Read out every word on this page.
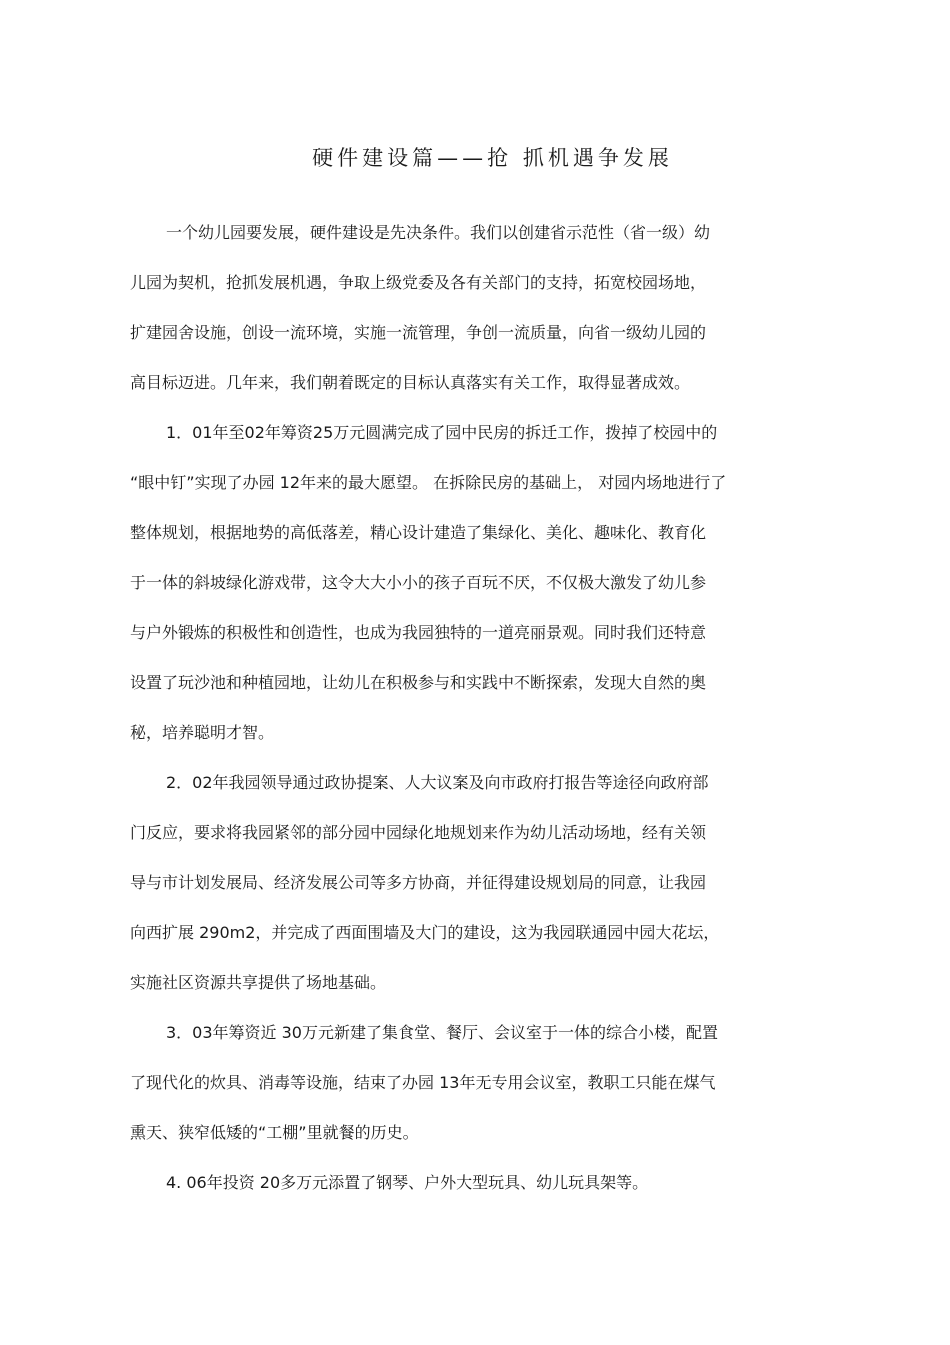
硬件建设篇——抢 抓机遇争发展
一个幼儿园要发展，硬件建设是先决条件。我们以创建省示范性（省一级）幼
儿园为契机，抢抓发展机遇，争取上级党委及各有关部门的支持，拓宽校园场地，
扩建园舍设施，创设一流环境，实施一流管理，争创一流质量，向省一级幼儿园的
高目标迈进。几年来，我们朝着既定的目标认真落实有关工作，取得显著成效。
1．01年至02年筹资25万元圆满完成了园中民房的拆迁工作，拨掉了校园中的
“眼中钉”实现了办园 12年来的最大愿望。 在拆除民房的基础上， 对园内场地进行了
整体规划，根据地势的高低落差，精心设计建造了集绿化、美化、趣味化、教育化
于一体的斜坡绿化游戏带，这令大大小小的孩子百玩不厌，不仅极大激发了幼儿参
与户外锻炼的积极性和创造性，也成为我园独特的一道亮丽景观。同时我们还特意
设置了玩沙池和种植园地，让幼儿在积极参与和实践中不断探索，发现大自然的奥
秘，培养聪明才智。
2．02年我园领导通过政协提案、人大议案及向市政府打报告等途径向政府部
门反应，要求将我园紧邻的部分园中园绿化地规划来作为幼儿活动场地，经有关领
导与市计划发展局、经济发展公司等多方协商，并征得建设规划局的同意，让我园
向西扩展 290m2，并完成了西面围墙及大门的建设，这为我园联通园中园大花坛，
实施社区资源共享提供了场地基础。
3．03年筹资近 30万元新建了集食堂、餐厅、会议室于一体的综合小楼，配置
了现代化的炊具、消毒等设施，结束了办园 13年无专用会议室，教职工只能在煤气
熏天、狭窄低矮的“工棚”里就餐的历史。
4. 06年投资 20多万元添置了钢琴、户外大型玩具、幼儿玩具架等。
